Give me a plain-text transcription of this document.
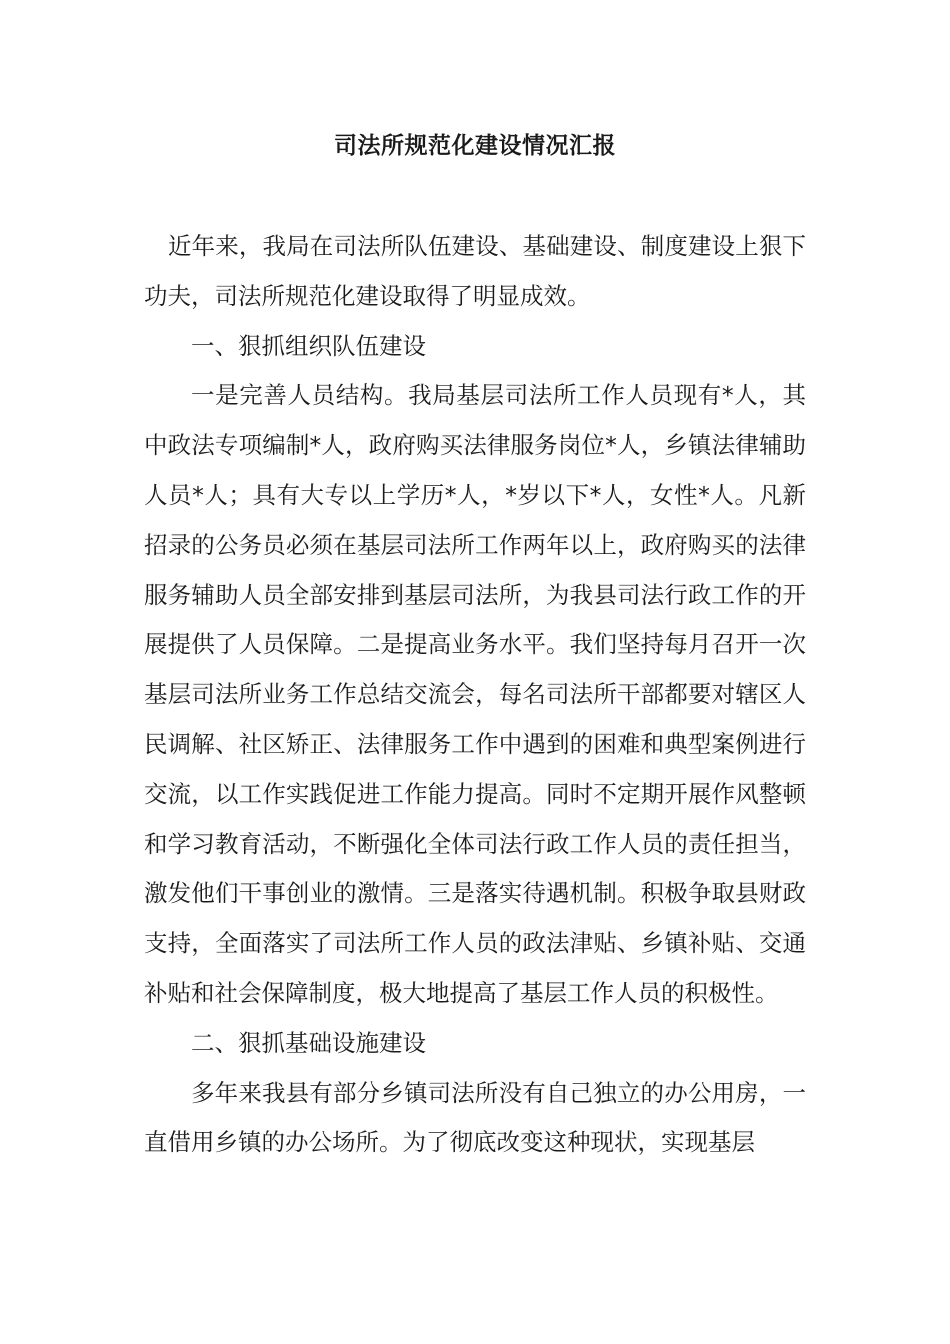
司法所规范化建设情况汇报

近年来，我局在司法所队伍建设、基础建设、制度建设上狠下功夫，司法所规范化建设取得了明显成效。

一、狠抓组织队伍建设

一是完善人员结构。我局基层司法所工作人员现有*人，其中政法专项编制*人，政府购买法律服务岗位*人，乡镇法律辅助人员*人；具有大专以上学历*人，*岁以下*人，女性*人。凡新招录的公务员必须在基层司法所工作两年以上，政府购买的法律服务辅助人员全部安排到基层司法所，为我县司法行政工作的开展提供了人员保障。二是提高业务水平。我们坚持每月召开一次基层司法所业务工作总结交流会，每名司法所干部都要对辖区人民调解、社区矫正、法律服务工作中遇到的困难和典型案例进行交流，以工作实践促进工作能力提高。同时不定期开展作风整顿和学习教育活动，不断强化全体司法行政工作人员的责任担当，激发他们干事创业的激情。三是落实待遇机制。积极争取县财政支持，全面落实了司法所工作人员的政法津贴、乡镇补贴、交通补贴和社会保障制度，极大地提高了基层工作人员的积极性。

二、狠抓基础设施建设

多年来我县有部分乡镇司法所没有自己独立的办公用房，一直借用乡镇的办公场所。为了彻底改变这种现状，实现基层
